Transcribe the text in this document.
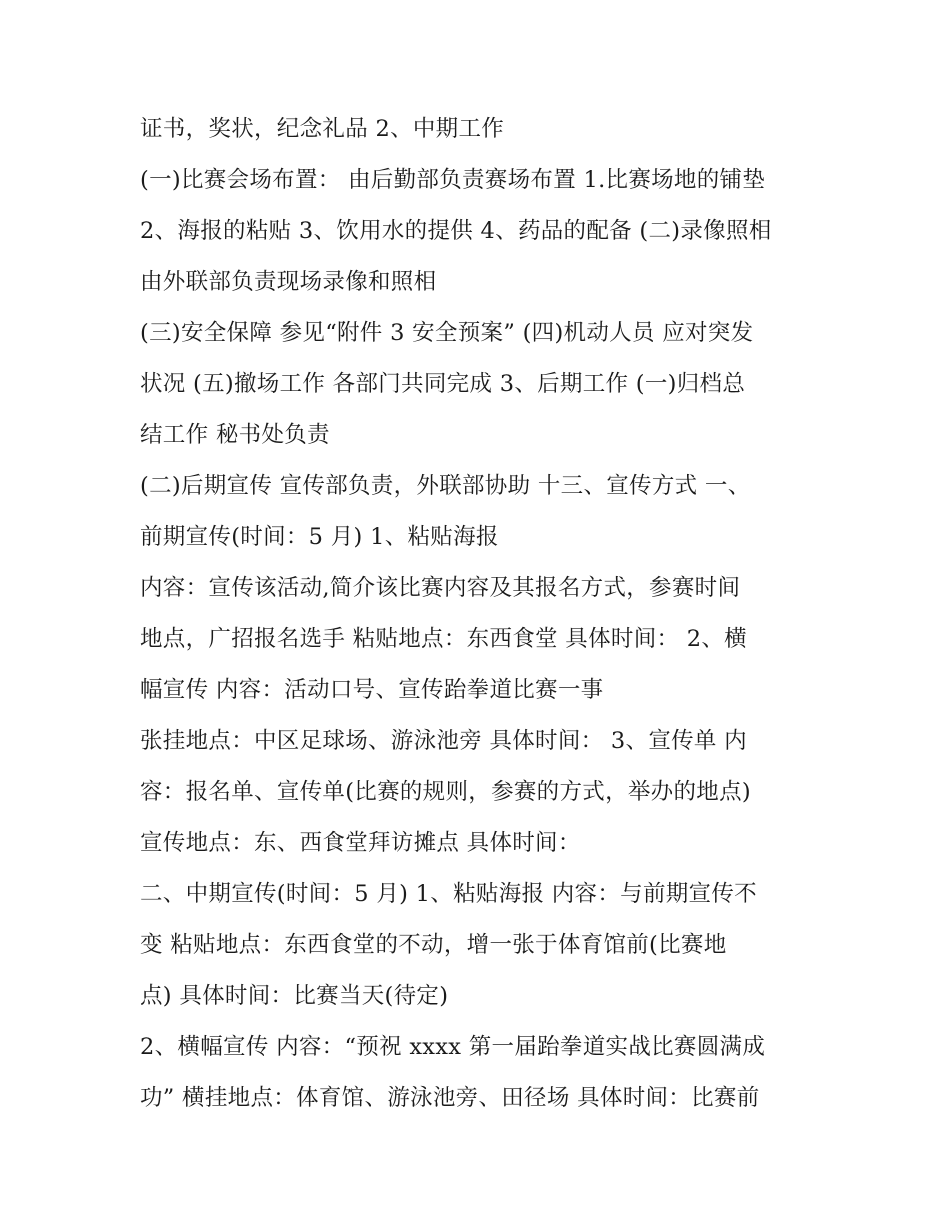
证书，奖状，纪念礼品 2、中期工作
(一)比赛会场布置： 由后勤部负责赛场布置 1.比赛场地的铺垫
2、海报的粘贴 3、饮用水的提供 4、药品的配备 (二)录像照相
由外联部负责现场录像和照相
(三)安全保障 参见“附件 3 安全预案” (四)机动人员 应对突发
状况 (五)撤场工作 各部门共同完成 3、后期工作 (一)归档总
结工作 秘书处负责
(二)后期宣传 宣传部负责，外联部协助 十三、宣传方式 一、
前期宣传(时间：5 月) 1、粘贴海报
内容：宣传该活动,简介该比赛内容及其报名方式，参赛时间
地点，广招报名选手 粘贴地点：东西食堂 具体时间： 2、横
幅宣传 内容：活动口号、宣传跆拳道比赛一事
张挂地点：中区足球场、游泳池旁 具体时间： 3、宣传单 内
容：报名单、宣传单(比赛的规则，参赛的方式，举办的地点)
宣传地点：东、西食堂拜访摊点 具体时间：
二、中期宣传(时间：5 月) 1、粘贴海报 内容：与前期宣传不
变 粘贴地点：东西食堂的不动，增一张于体育馆前(比赛地
点) 具体时间：比赛当天(待定)
2、横幅宣传 内容：“预祝 xxxx 第一届跆拳道实战比赛圆满成
功” 横挂地点：体育馆、游泳池旁、田径场 具体时间：比赛前
